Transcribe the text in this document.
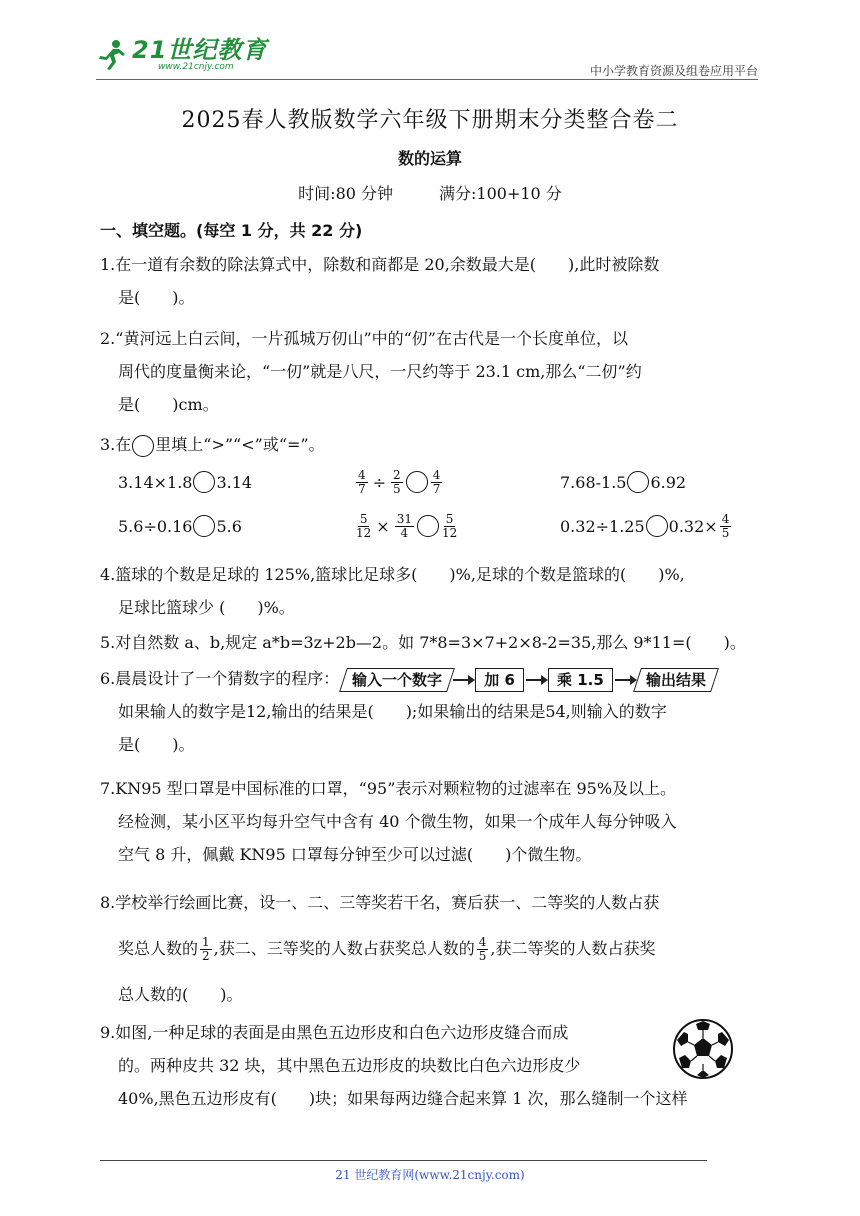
21世纪教育
www.21cnjy.com	中小学教育资源及组卷应用平台
2025春人教版数学六年级下册期末分类整合卷二
数的运算
时间:80 分钟	满分:100+10 分
一、填空题。(每空 1 分，共 22 分)
1.在一道有余数的除法算式中，除数和商都是 20,余数最大是(　　),此时被除数
是(　　)。
2.“黄河远上白云间，一片孤城万仞山”中的“仞”在古代是一个长度单位，以
周代的度量衡来论，“一仞”就是八尺，一尺约等于 23.1 cm,那么“二仞”约
是(　　)cm。
3.在 里填上“>”“<”或“=”。
3.14×1.8 3.14	$\frac{4}{7} \div \frac{2}{5} \frac{4}{7}$	7.68-1.5 6.92
5.6÷0.16 5.6	$\frac{5}{12} \times \frac{31}{4} \frac{5}{12}$	0.32÷1.25 $0.32\times \frac{4}{5}$
4.篮球的个数是足球的 125%,篮球比足球多(　　)%,足球的个数是篮球的(　　)%,
足球比篮球少 (　　)%。
5.对自然数 a、b,规定 a*b=3z+2b—2。如 7*8=3×7+2×8-2=35,那么 9*11=(　　)。
6.晨晨设计了一个猜数字的程序： 输入一个数字	加 6	乘 1.5	输出结果
如果输人的数字是12,输出的结果是(　　);如果输出的结果是54,则输入的数字
是(　　)。
7.KN95 型口罩是中国标准的口罩，“95”表示对颗粒物的过滤率在 95%及以上。
经检测，某小区平均每升空气中含有 40 个微生物，如果一个成年人每分钟吸入
空气 8 升，佩戴 KN95 口罩每分钟至少可以过滤(　　)个微生物。
8.学校举行绘画比赛，设一、二、三等奖若干名，赛后获一、二等奖的人数占获
奖总人数的 $\frac{1}{2}$ ,获二、三等奖的人数占获奖总人数的 $\frac{4}{5}$ ,获二等奖的人数占获奖
总人数的(　　)。
9.如图,一种足球的表面是由黑色五边形皮和白色六边形皮缝合而成
的。两种皮共 32 块，其中黑色五边形皮的块数比白色六边形皮少
40%,黑色五边形皮有(　　)块；如果每两边缝合起来算 1 次，那么缝制一个这样
21 世纪教育网(www.21cnjy.com)
